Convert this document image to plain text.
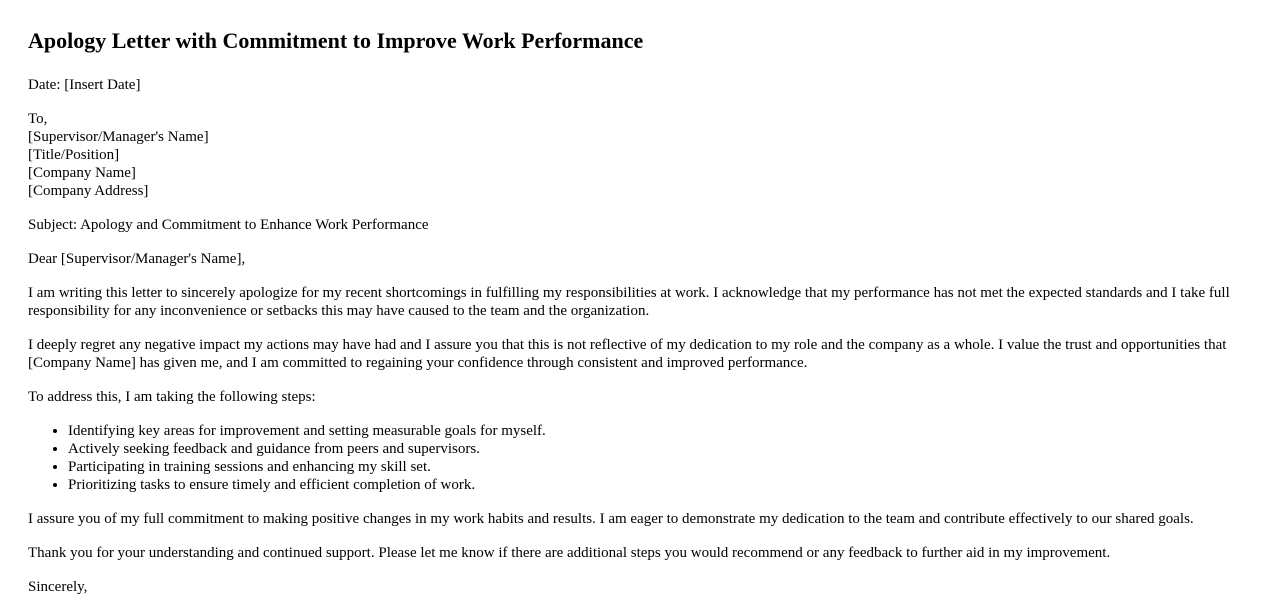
Apology Letter with Commitment to Improve Work Performance

Date: [Insert Date]

To,
[Supervisor/Manager's Name]
[Title/Position]
[Company Name]
[Company Address]

Subject: Apology and Commitment to Enhance Work Performance

Dear [Supervisor/Manager's Name],

I am writing this letter to sincerely apologize for my recent shortcomings in fulfilling my responsibilities at work. I acknowledge that my performance has not met the expected standards and I take full responsibility for any inconvenience or setbacks this may have caused to the team and the organization.

I deeply regret any negative impact my actions may have had and I assure you that this is not reflective of my dedication to my role and the company as a whole. I value the trust and opportunities that [Company Name] has given me, and I am committed to regaining your confidence through consistent and improved performance.

To address this, I am taking the following steps:

• Identifying key areas for improvement and setting measurable goals for myself.
• Actively seeking feedback and guidance from peers and supervisors.
• Participating in training sessions and enhancing my skill set.
• Prioritizing tasks to ensure timely and efficient completion of work.

I assure you of my full commitment to making positive changes in my work habits and results. I am eager to demonstrate my dedication to the team and contribute effectively to our shared goals.

Thank you for your understanding and continued support. Please let me know if there are additional steps you would recommend or any feedback to further aid in my improvement.

Sincerely,
